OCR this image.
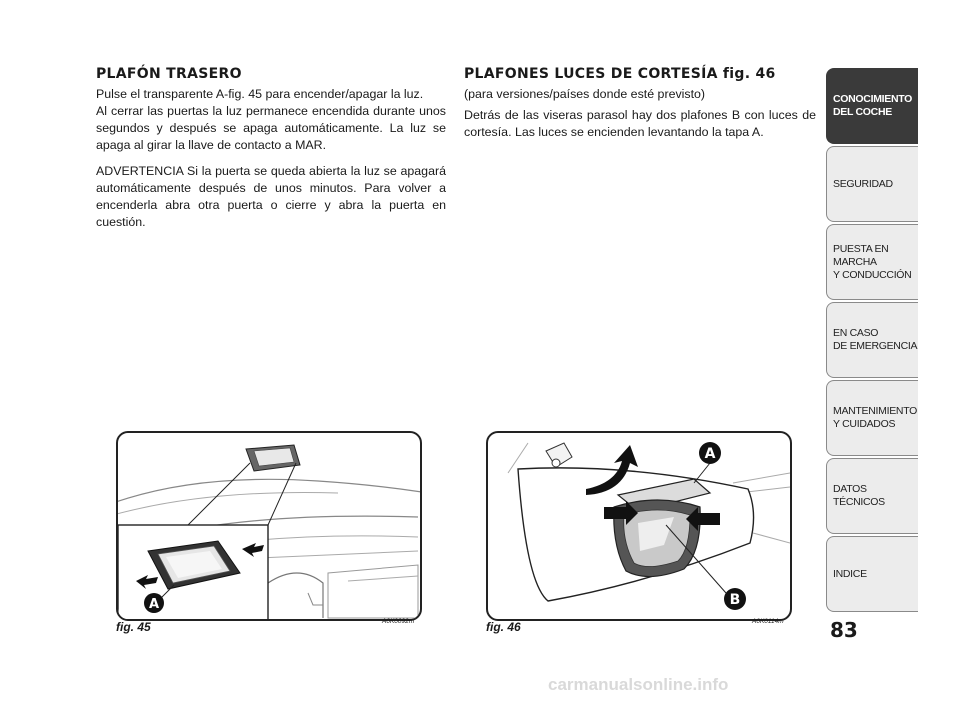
PLAFÓN TRASERO

Pulse el transparente A-fig. 45 para encender/apagar la luz.
Al cerrar las puertas la luz permanece encendida durante unos segundos y después se apaga automáticamente. La luz se apaga al girar la llave de contacto a MAR.

ADVERTENCIA Si la puerta se queda abierta la luz se apagará automáticamente después de unos minutos. Para volver a encenderla abra otra puerta o cierre y abra la puerta en cuestión.

PLAFONES LUCES DE CORTESÍA fig. 46
(para versiones/países donde esté previsto)

Detrás de las viseras parasol hay dos plafones B con luces de cortesía. Las luces se encienden levantando la tapa A.

CONOCIMIENTO
DEL COCHE
SEGURIDAD
PUESTA EN MARCHA
Y CONDUCCIÓN
EN CASO
DE EMERGENCIA
MANTENIMIENTO
Y CUIDADOS
DATOS TÉCNICOS
INDICE
83
A
fig. 45	A0K0092m
A
B
fig. 46	A0K0114m
carmanualsonline.info
